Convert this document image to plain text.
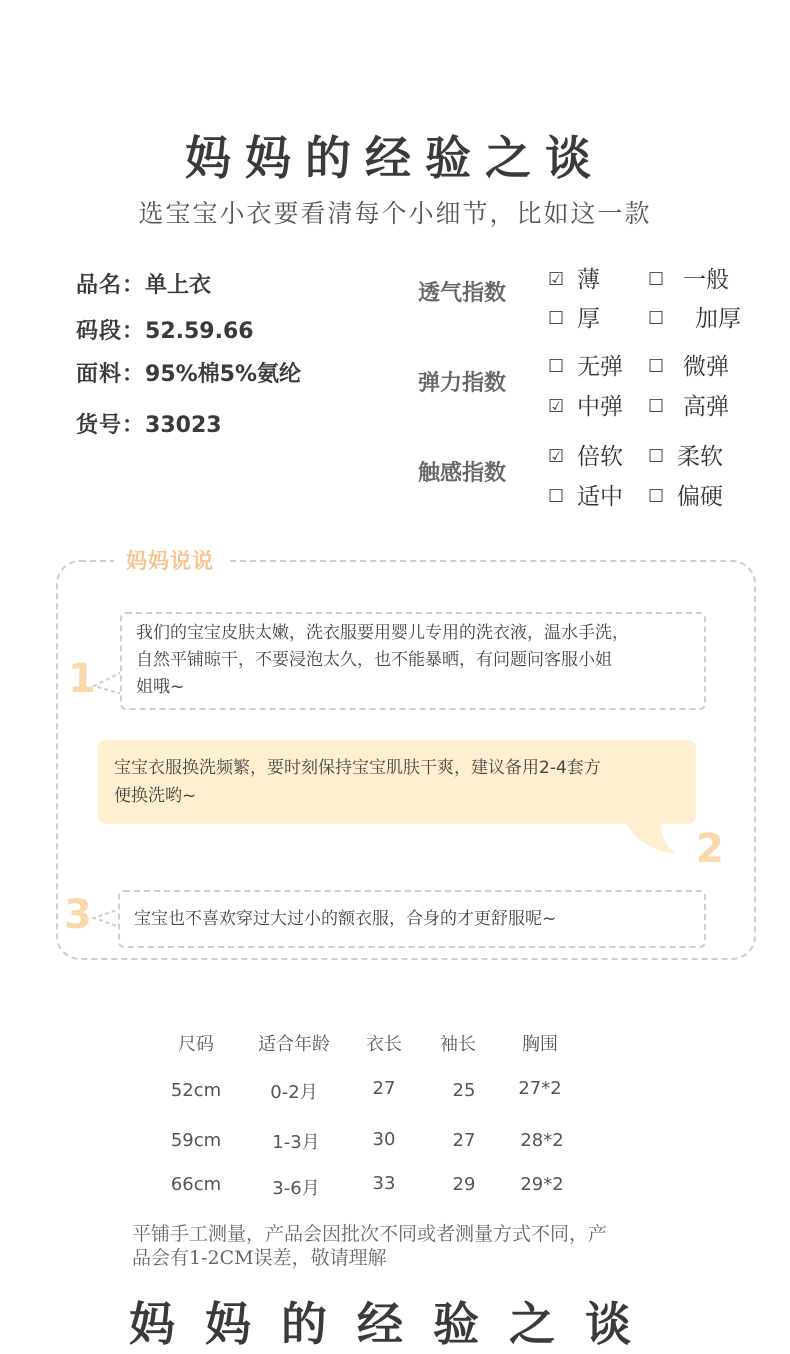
妈妈的经验之谈
选宝宝小衣要看清每个小细节，比如这一款
品名：单上衣
码段：52.59.66
面料：95%棉5%氨纶
货号：33023
透气指数
☑ 薄	☐ 一般
☐ 厚	☐ 加厚
弹力指数
☐ 无弹 ☐ 微弹
☑ 中弹 ☐ 高弹
触感指数
☑ 倍软 ☐ 柔软
☐ 适中 ☐ 偏硬
妈妈说说
1
我们的宝宝皮肤太嫩，洗衣服要用婴儿专用的洗衣液，温水手洗，
自然平铺晾干，不要浸泡太久，也不能暴晒，有问题问客服小姐
姐哦~
宝宝衣服换洗频繁，要时刻保持宝宝肌肤干爽，建议备用2-4套方
便换洗哟~
2
3 宝宝也不喜欢穿过大过小的额衣服，合身的才更舒服呢~
尺码	适合年龄	衣长	袖长	胸围
52cm	0-2月	27	25	27*2
59cm	1-3月	30	27	28*2
66cm	3-6月	33	29	29*2
平铺手工测量，产品会因批次不同或者测量方式不同，产
品会有1-2CM误差，敬请理解
妈妈的经验之谈
